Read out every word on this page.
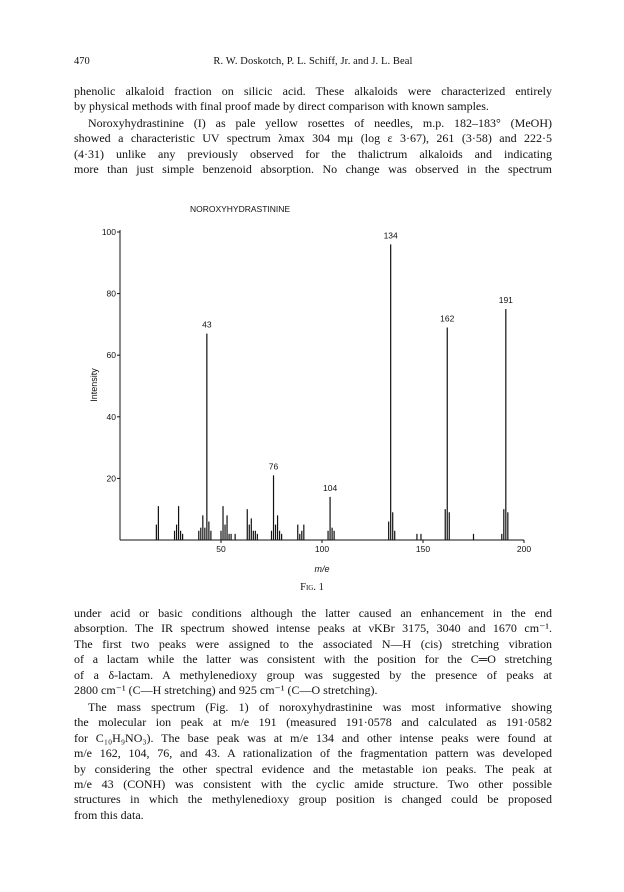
470	R. W. Doskotch, P. L. Schiff, Jr. and J. L. Beal
phenolic alkaloid fraction on silicic acid. These alkaloids were characterized entirely
by physical methods with final proof made by direct comparison with known samples.
Noroxyhydrastinine (I) as pale yellow rosettes of needles, m.p. 182–183° (MeOH)
showed a characteristic UV spectrum λmax 304 mμ (log ε 3·67), 261 (3·58) and 222·5
(4·31) unlike any previously observed for the thalictrum alkaloids and indicating
more than just simple benzenoid absorption. No change was observed in the spectrum
NOROXYHYDRASTININE
20
40
60
80
100
50	100	150	200
43
76
104
134
162
191
m/e
Intensity
Fig. 1
under acid or basic conditions although the latter caused an enhancement in the end
absorption. The IR spectrum showed intense peaks at νKBr 3175, 3040 and 1670 cm⁻¹.
The first two peaks were assigned to the associated N—H (cis) stretching vibration
of a lactam while the latter was consistent with the position for the C═O stretching
of a δ-lactam. A methylenedioxy group was suggested by the presence of peaks at
2800 cm⁻¹ (C—H stretching) and 925 cm⁻¹ (C—O stretching).
The mass spectrum (Fig. 1) of noroxyhydrastinine was most informative showing
the molecular ion peak at m/e 191 (measured 191·0578 and calculated as 191·0582
for C₁₀H₉NO₃). The base peak was at m/e 134 and other intense peaks were found at
m/e 162, 104, 76, and 43. A rationalization of the fragmentation pattern was developed
by considering the other spectral evidence and the metastable ion peaks. The peak at
m/e 43 (CONH) was consistent with the cyclic amide structure. Two other possible
structures in which the methylenedioxy group position is changed could be proposed
from this data.
